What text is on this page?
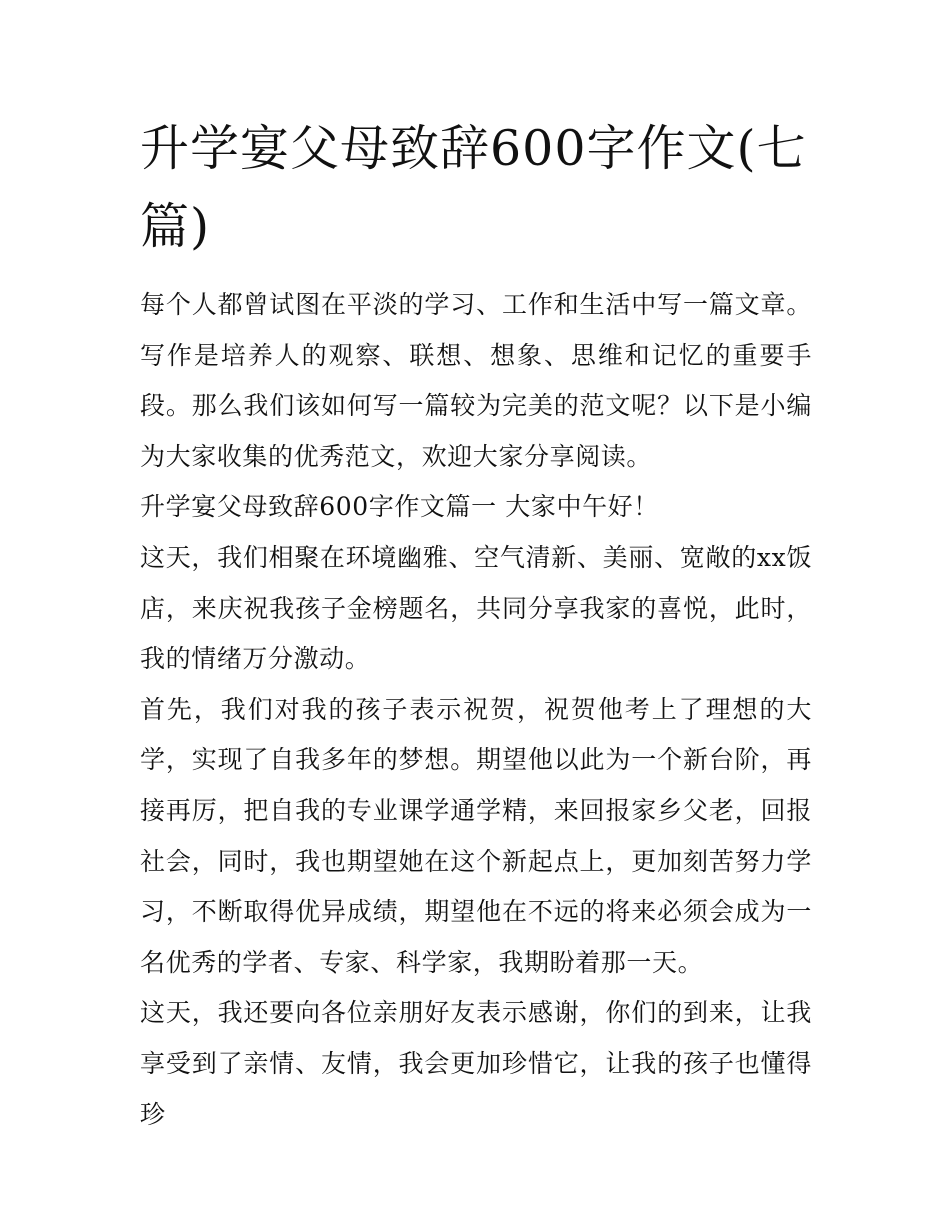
升学宴父母致辞600字作文(七篇)

每个人都曾试图在平淡的学习、工作和生活中写一篇文章。写作是培养人的观察、联想、想象、思维和记忆的重要手段。那么我们该如何写一篇较为完美的范文呢？以下是小编为大家收集的优秀范文，欢迎大家分享阅读。

升学宴父母致辞600字作文篇一 大家中午好！

这天，我们相聚在环境幽雅、空气清新、美丽、宽敞的xx饭店，来庆祝我孩子金榜题名，共同分享我家的喜悦，此时，我的情绪万分激动。

首先，我们对我的孩子表示祝贺，祝贺他考上了理想的大学，实现了自我多年的梦想。期望他以此为一个新台阶，再接再厉，把自我的专业课学通学精，来回报家乡父老，回报社会，同时，我也期望她在这个新起点上，更加刻苦努力学习，不断取得优异成绩，期望他在不远的将来必须会成为一名优秀的学者、专家、科学家，我期盼着那一天。

这天，我还要向各位亲朋好友表示感谢，你们的到来，让我享受到了亲情、友情，我会更加珍惜它，让我的孩子也懂得珍
